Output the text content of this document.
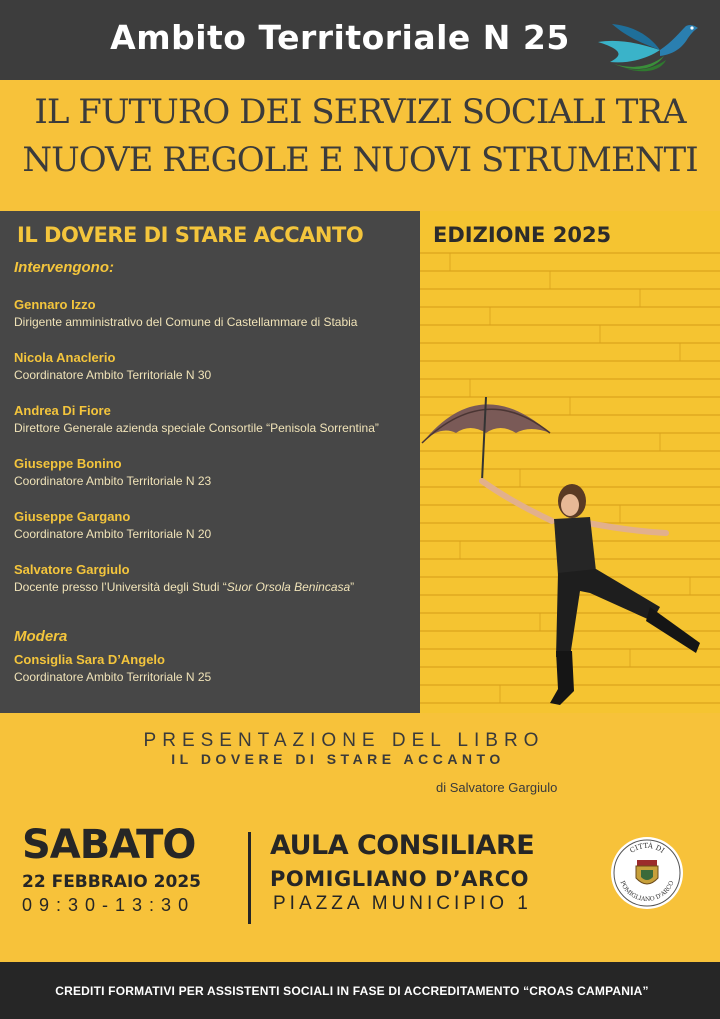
Ambito Territoriale N 25
IL FUTURO DEI SERVIZI SOCIALI TRA
NUOVE REGOLE E NUOVI STRUMENTI
IL DOVERE DI STARE ACCANTO
Intervengono:
Gennaro Izzo
Dirigente amministrativo del Comune di Castellammare di Stabia
Nicola Anaclerio
Coordinatore Ambito Territoriale N 30
Andrea Di Fiore
Direttore Generale azienda speciale Consortile “Penisola Sorrentina”
Giuseppe Bonino
Coordinatore Ambito Territoriale N 23
Giuseppe Gargano
Coordinatore Ambito Territoriale N 20
Salvatore Gargiulo
Docente presso l’Università degli Studi “Suor Orsola Benincasa”
Modera
Consiglia Sara D’Angelo
Coordinatore Ambito Territoriale N 25
EDIZIONE 2025
PRESENTAZIONE DEL LIBRO
IL DOVERE DI STARE ACCANTO
di Salvatore Gargiulo
SABATO
22 FEBBRAIO 2025
09:30-13:30
AULA CONSILIARE
POMIGLIANO D’ARCO
PIAZZA MUNICIPIO 1
CITTÀ DI
POMIGLIANO D'ARCO
CREDITI FORMATIVI PER ASSISTENTI SOCIALI IN FASE DI ACCREDITAMENTO “CROAS CAMPANIA”
